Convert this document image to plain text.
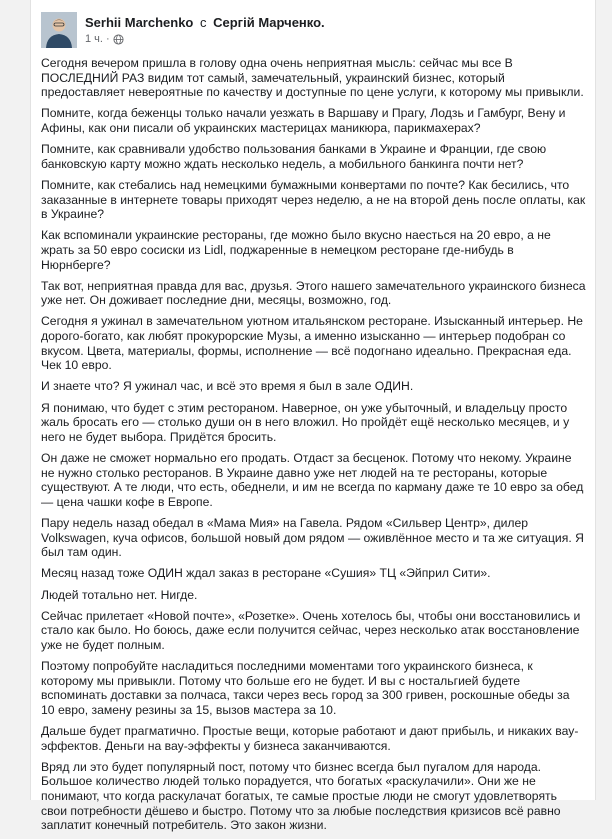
Serhii Marchenko с Сергій Марченко.
1 ч. ·

Сегодня вечером пришла в голову одна очень неприятная мысль: сейчас мы все В ПОСЛЕДНИЙ РАЗ видим тот самый, замечательный, украинский бизнес, который предоставляет невероятные по качеству и доступные по цене услуги, к которому мы привыкли.

Помните, когда беженцы только начали уезжать в Варшаву и Прагу, Лодзь и Гамбург, Вену и Афины, как они писали об украинских мастерицах маникюра, парикмахерах?

Помните, как сравнивали удобство пользования банками в Украине и Франции, где свою банковскую карту можно ждать несколько недель, а мобильного банкинга почти нет?

Помните, как стебались над немецкими бумажными конвертами по почте? Как бесились, что заказанные в интернете товары приходят через неделю, а не на второй день после оплаты, как в Украине?

Как вспоминали украинские рестораны, где можно было вкусно наесться на 20 евро, а не жрать за 50 евро сосиски из Lidl, поджаренные в немецком ресторане где-нибудь в Нюрнберге?

Так вот, неприятная правда для вас, друзья. Этого нашего замечательного украинского бизнеса уже нет. Он доживает последние дни, месяцы, возможно, год.

Сегодня я ужинал в замечательном уютном итальянском ресторане. Изысканный интерьер. Не дорого-богато, как любят прокурорские Музы, а именно изысканно — интерьер подобран со вкусом. Цвета, материалы, формы, исполнение — всё подогнано идеально. Прекрасная еда. Чек 10 евро.

И знаете что? Я ужинал час, и всё это время я был в зале ОДИН.

Я понимаю, что будет с этим рестораном. Наверное, он уже убыточный, и владельцу просто жаль бросать его — столько души он в него вложил. Но пройдёт ещё несколько месяцев, и у него не будет выбора. Придётся бросить.

Он даже не сможет нормально его продать. Отдаст за бесценок. Потому что некому. Украине не нужно столько ресторанов. В Украине давно уже нет людей на те рестораны, которые существуют. А те люди, что есть, обеднели, и им не всегда по карману даже те 10 евро за обед — цена чашки кофе в Европе.

Пару недель назад обедал в «Мама Мия» на Гавела. Рядом «Сильвер Центр», дилер Volkswagen, куча офисов, большой новый дом рядом — оживлённое место и та же ситуация. Я был там один.

Месяц назад тоже ОДИН ждал заказ в ресторане «Сушия» ТЦ «Эйприл Сити».

Людей тотально нет. Нигде.

Сейчас прилетает «Новой почте», «Розетке». Очень хотелось бы, чтобы они восстановились и стало как было. Но боюсь, даже если получится сейчас, через несколько атак восстановление уже не будет полным.

Поэтому попробуйте насладиться последними моментами того украинского бизнеса, к которому мы привыкли. Потому что больше его не будет. И вы с ностальгией будете вспоминать доставки за полчаса, такси через весь город за 300 гривен, роскошные обеды за 10 евро, замену резины за 15, вызов мастера за 10.

Дальше будет прагматично. Простые вещи, которые работают и дают прибыль, и никаких вау-эффектов. Деньги на вау-эффекты у бизнеса заканчиваются.

Вряд ли это будет популярный пост, потому что бизнес всегда был пугалом для народа. Большое количество людей только порадуется, что богатых «раскулачили». Они же не понимают, что когда раскулачат богатых, те самые простые люди не смогут удовлетворять свои потребности дёшево и быстро. Потому что за любые последствия кризисов всё равно заплатит конечный потребитель. Это закон жизни.
